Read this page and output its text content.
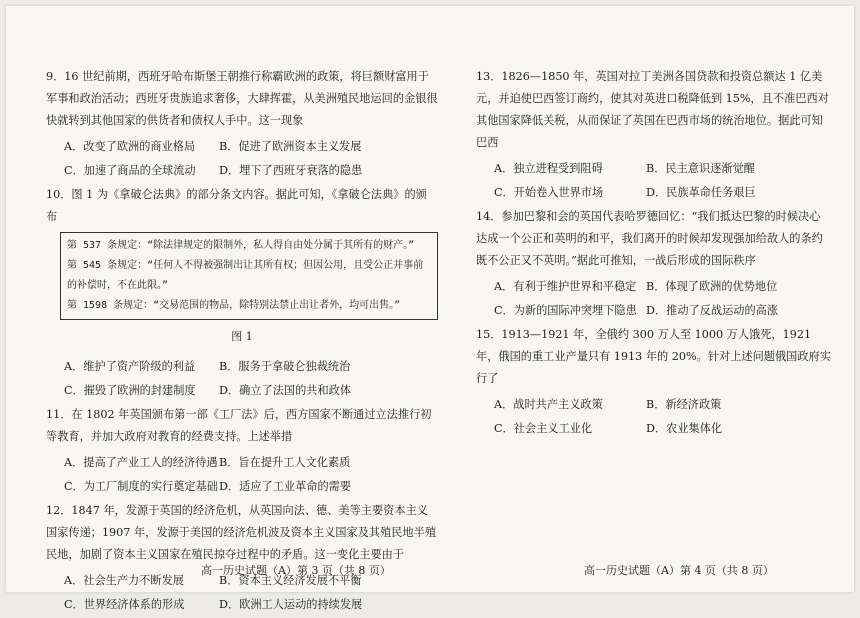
9．16 世纪前期，西班牙哈布斯堡王朝推行称霸欧洲的政策，将巨额财富用于军事和政治活动；西班牙贵族追求奢侈，大肆挥霍，从美洲殖民地运回的金银很快就转到其他国家的供货者和债权人手中。这一现象

A．改变了欧洲的商业格局	B．促进了欧洲资本主义发展
C．加速了商品的全球流动	D．埋下了西班牙衰落的隐患

10．图 1 为《拿破仑法典》的部分条文内容。据此可知，《拿破仑法典》的颁布

第 537 条规定：“除法律规定的限制外，私人得自由处分属于其所有的财产。”
第 545 条规定：“任何人不得被强制出让其所有权；但因公用，且受公正并事前的补偿时，不在此限。”
第 1598 条规定：“交易范围的物品，除特别法禁止出让者外，均可出售。”
图 1
A．维护了资产阶级的利益	B．服务于拿破仑独裁统治
C．摧毁了欧洲的封建制度	D．确立了法国的共和政体

11．在 1802 年英国颁布第一部《工厂法》后，西方国家不断通过立法推行初等教育，并加大政府对教育的经费支持。上述举措

A．提高了产业工人的经济待遇 B．旨在提升工人文化素质
C．为工厂制度的实行奠定基础 D．适应了工业革命的需要

12．1847 年，发源于英国的经济危机，从英国向法、德、美等主要资本主义国家传递；1907 年，发源于美国的经济危机波及资本主义国家及其殖民地半殖民地，加剧了资本主义国家在殖民掠夺过程中的矛盾。这一变化主要由于

A．社会生产力不断发展	B．资本主义经济发展不平衡
C．世界经济体系的形成	D．欧洲工人运动的持续发展

13．1826—1850 年，英国对拉丁美洲各国贷款和投资总额达 1 亿美元，并迫使巴西签订商约，使其对英进口税降低到 15%，且不准巴西对其他国家降低关税，从而保证了英国在巴西市场的统治地位。据此可知巴西

A．独立进程受到阻碍	B．民主意识逐渐觉醒
C．开始卷入世界市场	D．民族革命任务艰巨

14．参加巴黎和会的英国代表哈罗德回忆：“我们抵达巴黎的时候决心达成一个公正和英明的和平，我们离开的时候却发现强加给敌人的条约既不公正又不英明。”据此可推知，一战后形成的国际秩序

A．有利于维护世界和平稳定 B．体现了欧洲的优势地位
C．为新的国际冲突埋下隐患 D．推动了反战运动的高涨

15．1913—1921 年，全俄约 300 万人至 1000 万人饿死，1921 年，俄国的重工业产量只有 1913 年的 20%。针对上述问题俄国政府实行了

A．战时共产主义政策	B．新经济政策
C．社会主义工业化	D．农业集体化
高一历史试题（A）第 3 页（共 8 页）	高一历史试题（A）第 4 页（共 8 页）
